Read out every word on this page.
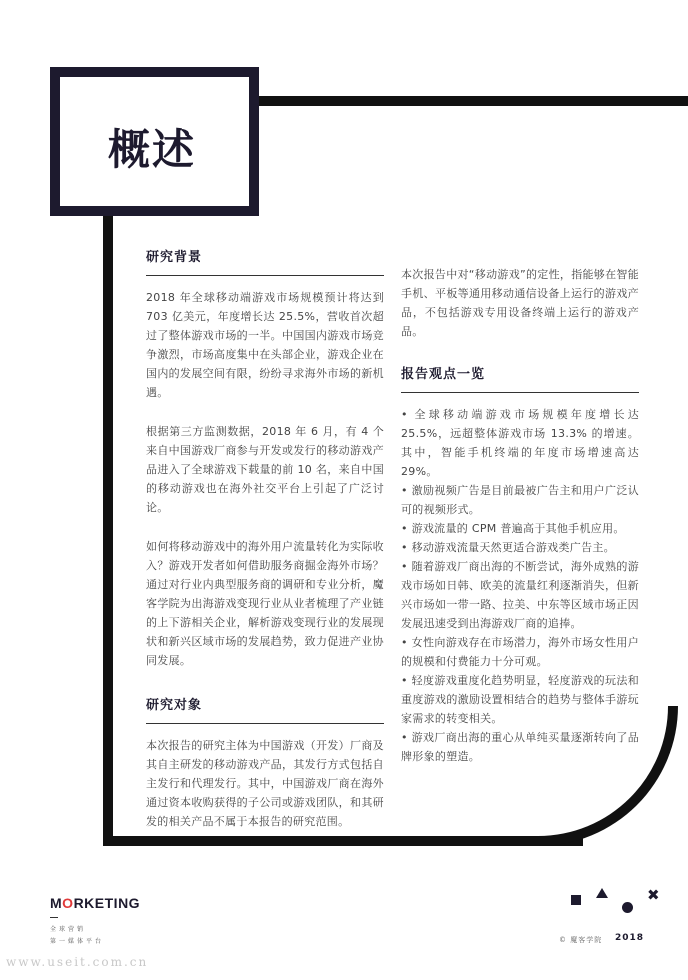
概述
研究背景

2018 年全球移动端游戏市场规模预计将达到 703 亿美元，年度增长达 25.5%，营收首次超过了整体游戏市场的一半。中国国内游戏市场竞争激烈，市场高度集中在头部企业，游戏企业在国内的发展空间有限，纷纷寻求海外市场的新机遇。

根据第三方监测数据，2018 年 6 月，有 4 个来自中国游戏厂商参与开发或发行的移动游戏产品进入了全球游戏下载量的前 10 名，来自中国的移动游戏也在海外社交平台上引起了广泛讨论。

如何将移动游戏中的海外用户流量转化为实际收入？游戏开发者如何借助服务商掘金海外市场？通过对行业内典型服务商的调研和专业分析，魔客学院为出海游戏变现行业从业者梳理了产业链的上下游相关企业，解析游戏变现行业的发展现状和新兴区域市场的发展趋势，致力促进产业协同发展。

研究对象

本次报告的研究主体为中国游戏（开发）厂商及其自主研发的移动游戏产品，其发行方式包括自主发行和代理发行。其中，中国游戏厂商在海外通过资本收购获得的子公司或游戏团队，和其研发的相关产品不属于本报告的研究范围。

本次报告中对“移动游戏”的定性，指能够在智能手机、平板等通用移动通信设备上运行的游戏产品，不包括游戏专用设备终端上运行的游戏产品。

报告观点一览
• 全球移动端游戏市场规模年度增长达 25.5%，远超整体游戏市场 13.3% 的增速。其中，智能手机终端的年度市场增速高达 29%。
• 激励视频广告是目前最被广告主和用户广泛认可的视频形式。
• 游戏流量的 CPM 普遍高于其他手机应用。
• 移动游戏流量天然更适合游戏类广告主。
• 随着游戏厂商出海的不断尝试，海外成熟的游戏市场如日韩、欧美的流量红利逐渐消失，但新兴市场如一带一路、拉美、中东等区域市场正因发展迅速受到出海游戏厂商的追捧。
• 女性向游戏存在市场潜力，海外市场女性用户的规模和付费能力十分可观。
• 轻度游戏重度化趋势明显，轻度游戏的玩法和重度游戏的激励设置相结合的趋势与整体手游玩家需求的转变相关。
• 游戏厂商出海的重心从单纯买量逐渐转向了品牌形象的塑造。
MORKETING
全球营销
第一媒体平台
✖
© 魔客学院 2018
www.useit.com.cn
